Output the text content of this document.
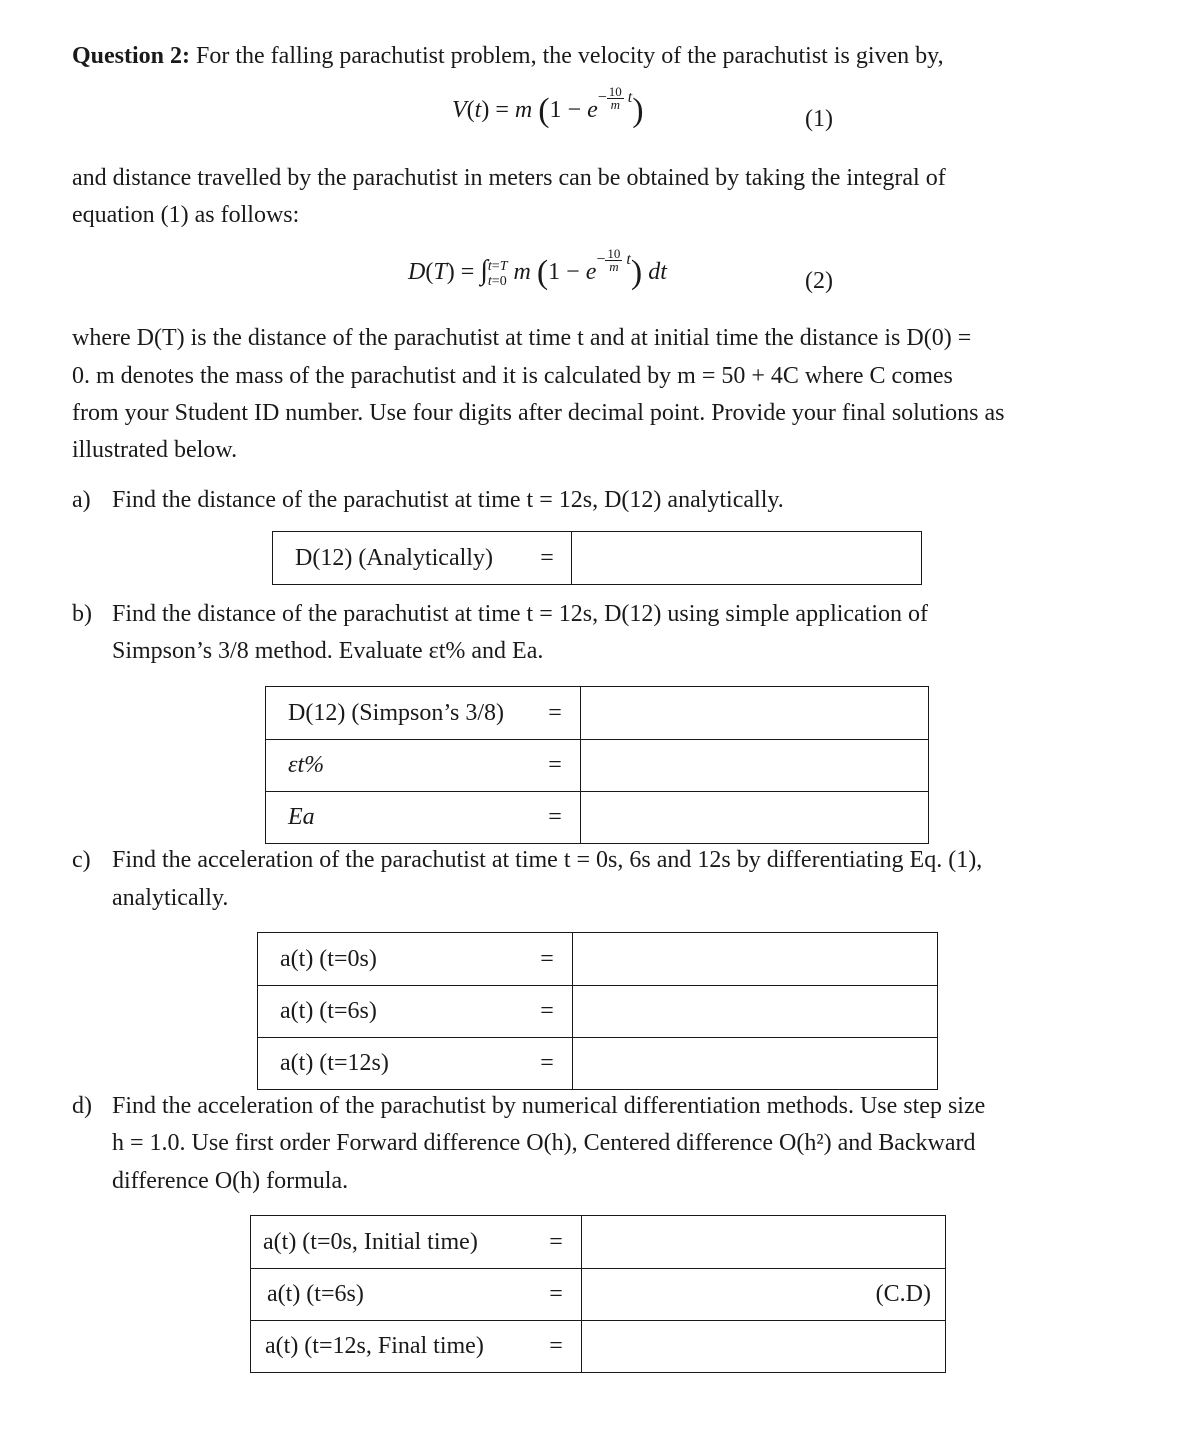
Question 2: For the falling parachutist problem, the velocity of the parachutist is given by,
V(t) = m $(1 - e^{- \frac{10}{m} t})$	(1)
and distance travelled by the parachutist in meters can be obtained by taking the integral of
equation (1) as follows:
D(T) = ∫ t=T
t=0 m $(1 - e^{- \frac{10}{m} t})$ dt	(2)
where D(T) is the distance of the parachutist at time t and at initial time the distance is D(0) =
0. m denotes the mass of the parachutist and it is calculated by m = 50 + 4C where C comes
from your Student ID number. Use four digits after decimal point. Provide your final solutions as
illustrated below.
a) Find the distance of the parachutist at time t = 12s, D(12) analytically.
D(12) (Analytically)	=	
b) Find the distance of the parachutist at time t = 12s, D(12) using simple application of
Simpson’s 3/8 method. Evaluate εt% and Ea.
D(12) (Simpson’s 3/8)	=	
εt%	=	
Ea	=	
c) Find the acceleration of the parachutist at time t = 0s, 6s and 12s by differentiating Eq. (1),
analytically.
a(t) (t=0s)	=	
a(t) (t=6s)	=	
a(t) (t=12s)	=	
d) Find the acceleration of the parachutist by numerical differentiation methods. Use step size
h = 1.0. Use first order Forward difference O(h), Centered difference O(h²) and Backward
difference O(h) formula.
a(t) (t=0s, Initial time)	=	
a(t) (t=6s)	=	(C.D)
a(t) (t=12s, Final time)	=	
